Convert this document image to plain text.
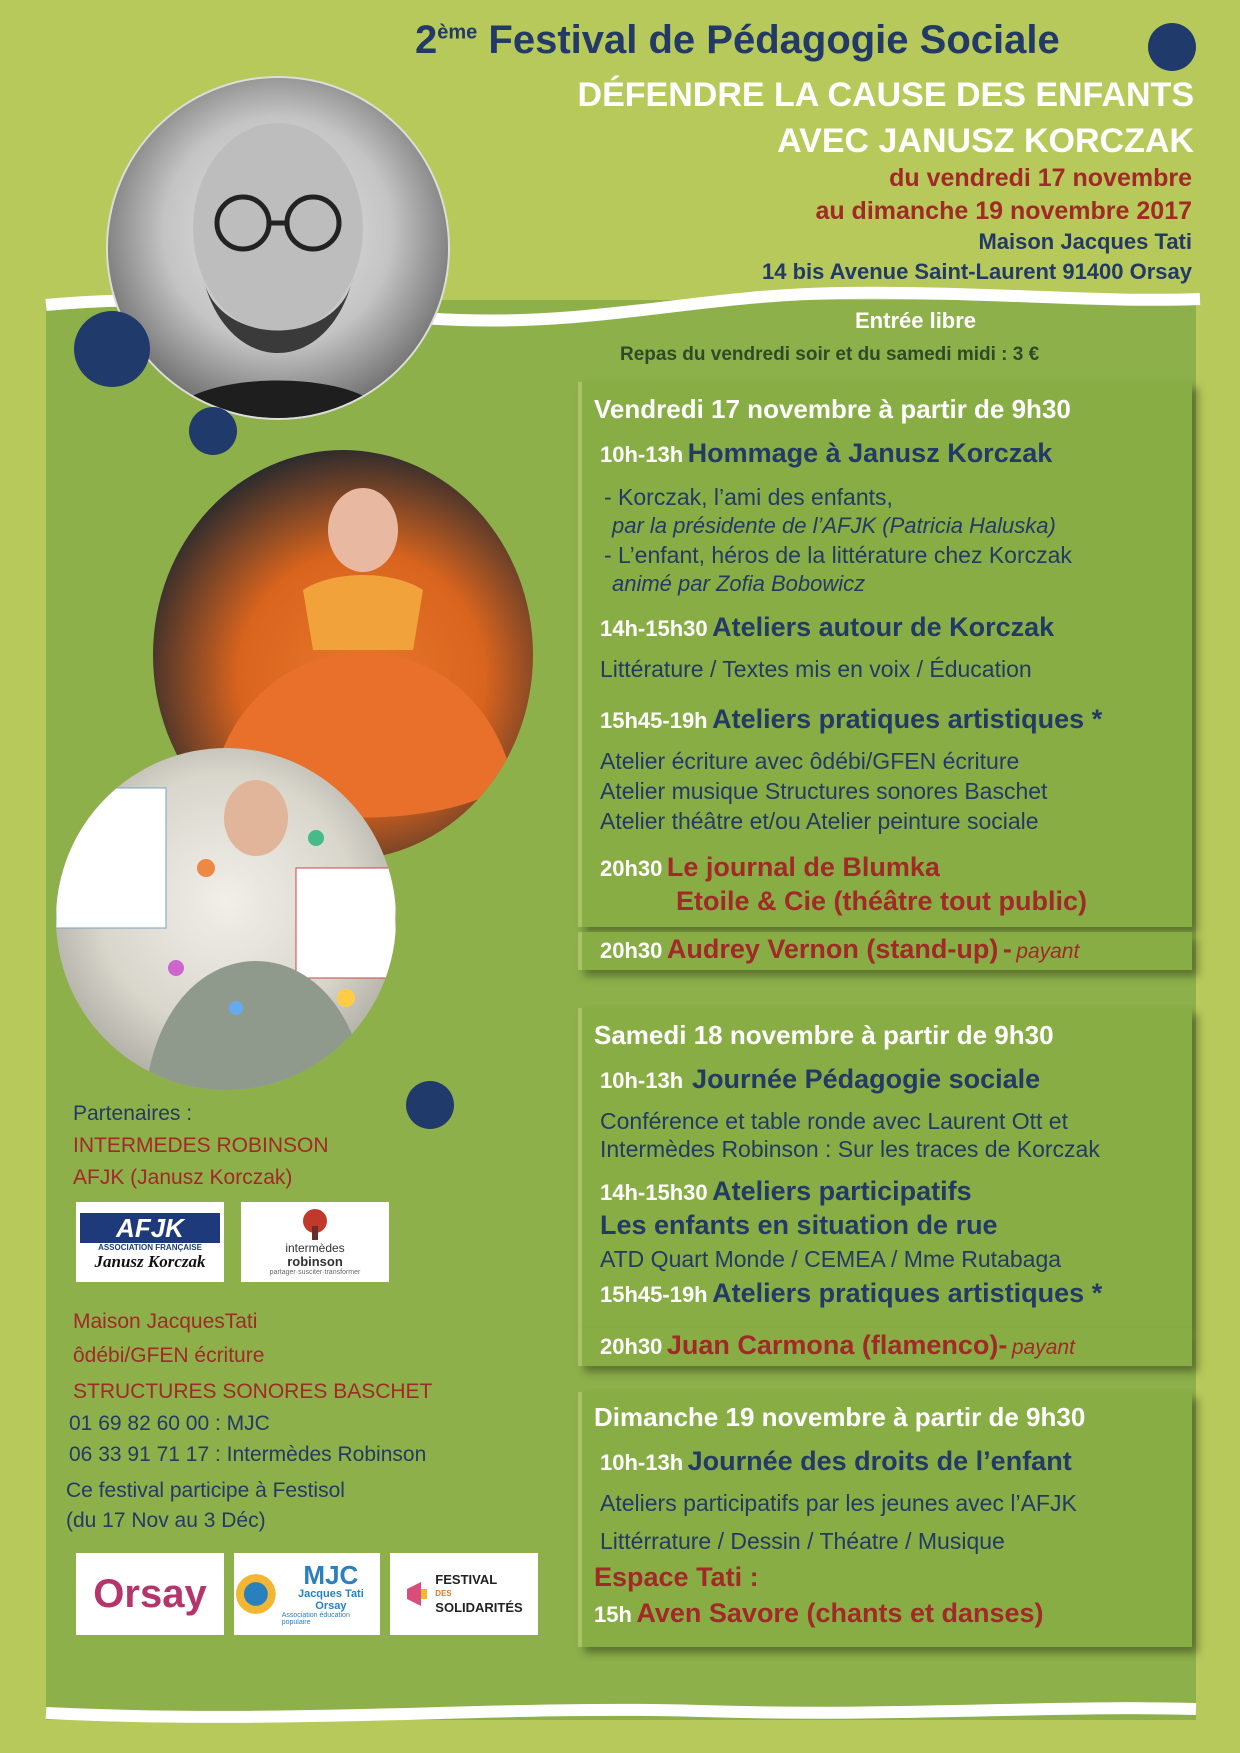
2ème Festival de Pédagogie Sociale
DÉFENDRE LA CAUSE DES ENFANTS
AVEC JANUSZ KORCZAK
du vendredi 17 novembre
au dimanche 19 novembre 2017
Maison Jacques Tati
14 bis Avenue Saint-Laurent 91400 Orsay
Entrée libre
Repas du vendredi soir et du samedi midi : 3 €
Vendredi 17 novembre à partir de 9h30
10h-13h Hommage à Janusz Korczak
- Korczak, l’ami des enfants,
par la présidente de l’AFJK (Patricia Haluska)
- L’enfant, héros de la littérature chez Korczak
animé par Zofia Bobowicz
14h-15h30 Ateliers autour de Korczak
Littérature / Textes mis en voix / Éducation
15h45-19h Ateliers pratiques artistiques *
Atelier écriture avec ôdébi/GFEN écriture
Atelier musique Structures sonores Baschet
Atelier théâtre et/ou Atelier peinture sociale
20h30 Le journal de Blumka
Etoile & Cie (théâtre tout public)
20h30 Audrey Vernon (stand-up) - payant
Samedi 18 novembre à partir de 9h30
10h-13h Journée Pédagogie sociale
Conférence et table ronde avec Laurent Ott et
Intermèdes Robinson : Sur les traces de Korczak
14h-15h30 Ateliers participatifs
Les enfants en situation de rue
ATD Quart Monde / CEMEA / Mme Rutabaga
15h45-19h Ateliers pratiques artistiques *
20h30 Juan Carmona (flamenco)- payant
Dimanche 19 novembre à partir de 9h30
10h-13h Journée des droits de l’enfant
Ateliers participatifs par les jeunes avec l’AFJK
Littérrature / Dessin / Théatre / Musique
Espace Tati :
15h Aven Savore (chants et danses)
Partenaires :
INTERMEDES ROBINSON
AFJK (Janusz Korczak)
AFJK
ASSOCIATION FRANÇAISE
Janusz Korczak
intermèdes
robinson
partager·susciter·transformer
Maison JacquesTati
ôdébi/GFEN écriture
STRUCTURES SONORES BASCHET
01 69 82 60 00 : MJC
06 33 91 71 17 : Intermèdes Robinson
Ce festival participe à Festisol
(du 17 Nov au 3 Déc)
Orsay	MJC
Jacques Tati
Orsay
Association éducation populaire
FESTIVAL
DES
SOLIDARITÉS
